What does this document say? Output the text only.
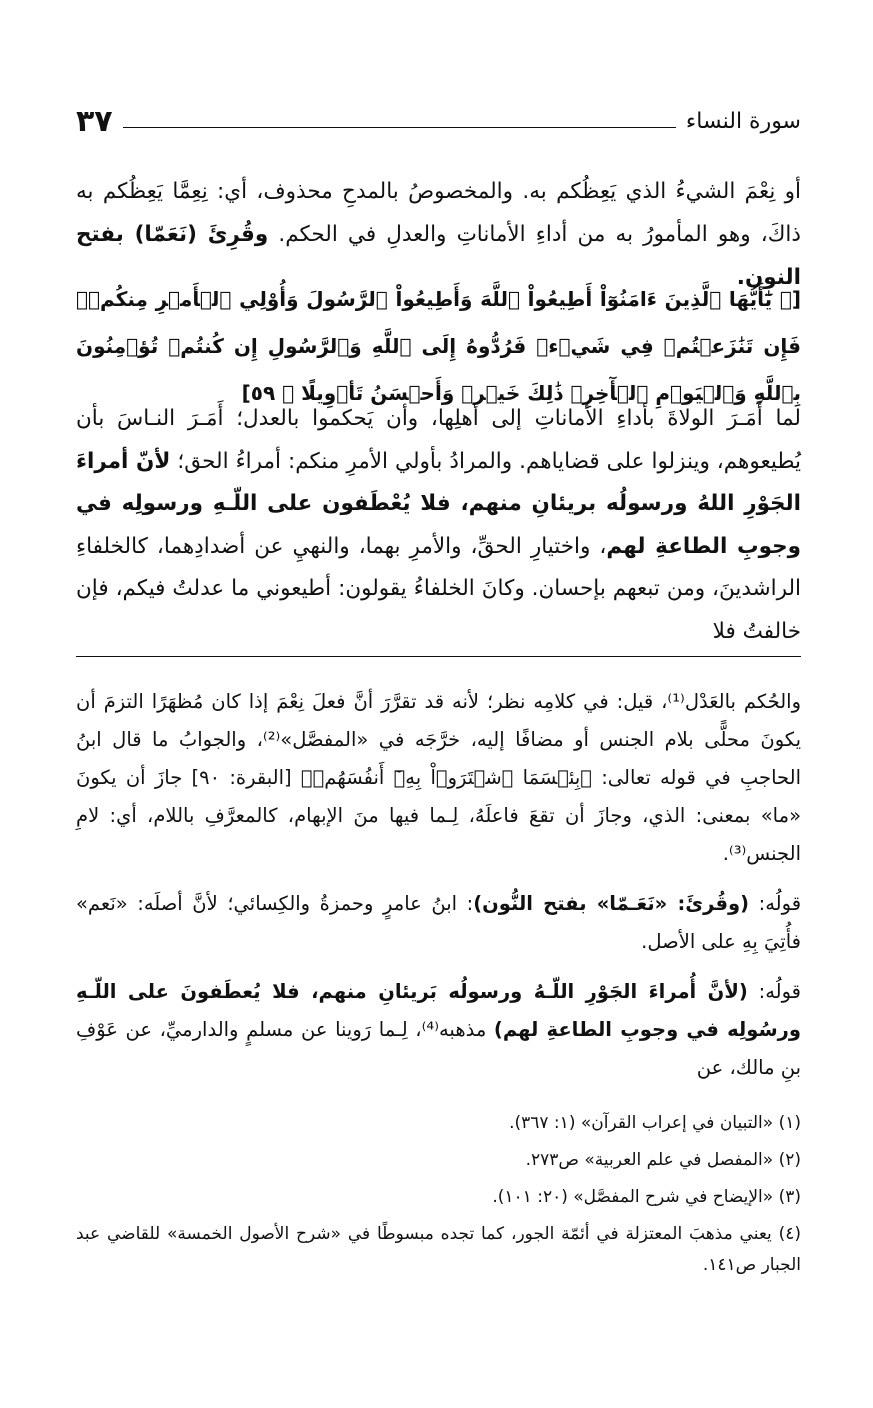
سورة النساء
٣٧

أو نِعْمَ الشيءُ الذي يَعِظُكم به. والمخصوصُ بالمدحِ محذوف، أي: نِعِمَّا يَعِظُكم به ذاكَ، وهو المأمورُ به من أداءِ الأماناتِ والعدلِ في الحكم. وقُرِئَ (نَعَمّا) بفتح النون.

[﴿ يَٰٓأَيُّهَا ٱلَّذِينَ ءَامَنُوٓاْ أَطِيعُواْ ٱللَّهَ وَأَطِيعُواْ ٱلرَّسُولَ وَأُوْلِي ٱلۡأَمۡرِ مِنكُمۡۖ فَإِن تَنَٰزَعۡتُمۡ فِي شَيۡءٖ فَرُدُّوهُ إِلَى ٱللَّهِ وَٱلرَّسُولِ إِن كُنتُمۡ تُؤۡمِنُونَ بِٱللَّهِ وَٱلۡيَوۡمِ ٱلۡأٓخِرِۚ ذَٰلِكَ خَيۡرٞ وَأَحۡسَنُ تَأۡوِيلًا ﴾ ٥٩]

لما أَمَـرَ الولاةَ بأداءِ الأماناتِ إلى أهلِها، وأن يَحكموا بالعدل؛ أَمَـرَ النـاسَ بأن يُطيعوهم، وينزلوا على قضاياهم. والمرادُ بأولي الأمرِ منكم: أمراءُ الحق؛ لأنّ أمراءَ الجَوْرِ اللهُ ورسولُه بريئانِ منهم، فلا يُعْطَفون على اللّـهِ ورسولِه في وجوبِ الطاعةِ لهم، واختيارِ الحقِّ، والأمرِ بهما، والنهيِ عن أضدادِهما، كالخلفاءِ الراشدينَ، ومن تبعهم بإحسان. وكانَ الخلفاءُ يقولون: أطيعوني ما عدلتُ فيكم، فإن خالفتُ فلا

والحُكم بالعَدْل⁽¹⁾، قيل: في كلامِه نظر؛ لأنه قد تقرَّرَ أنَّ فعلَ نِعْمَ إذا كان مُظهَرًا التزمَ أن يكونَ محلًّى بلام الجنس أو مضافًا إليه، خرَّجَه في «المفصَّل»⁽²⁾، والجوابُ ما قال ابنُ الحاجبِ في قوله تعالى: ﴿بِئۡسَمَا ٱشۡتَرَوۡاْ بِهِۦٓ أَنفُسَهُمۡ﴾ [البقرة: ٩٠] جازَ أن يكونَ «ما» بمعنى: الذي، وجازَ أن تقعَ فاعلَهُ، لِـما فيها منَ الإبهام، كالمعرَّفِ باللام، أي: لامِ الجنس⁽³⁾.

قولُه: (وقُرئَ: «نَعَـمّا» بفتح النُّون): ابنُ عامرٍ وحمزةُ والكِسائي؛ لأنَّ أصلَه: «نَعم» فأُتِيَ بِهِ على الأصل.

قولُه: (لأنَّ أُمراءَ الجَوْرِ اللّـهُ ورسولُه بَريئانِ منهم، فلا يُعطَفونَ على اللّـهِ ورسُولِه في وجوبِ الطاعةِ لهم) مذهبه⁽⁴⁾، لِـما رَوينا عن مسلمٍ والدارميِّ، عن عَوْفِ بنِ مالك، عن

(١) «التبيان في إعراب القرآن» (١: ٣٦٧).

(٢) «المفصل في علم العربية» ص٢٧٣.

(٣) «الإيضاح في شرح المفصَّل» (٢٠: ١٠١).

(٤) يعني مذهبَ المعتزلة في أئمّة الجور، كما تجده مبسوطًا في «شرح الأصول الخمسة» للقاضي عبد الجبار ص١٤١.
